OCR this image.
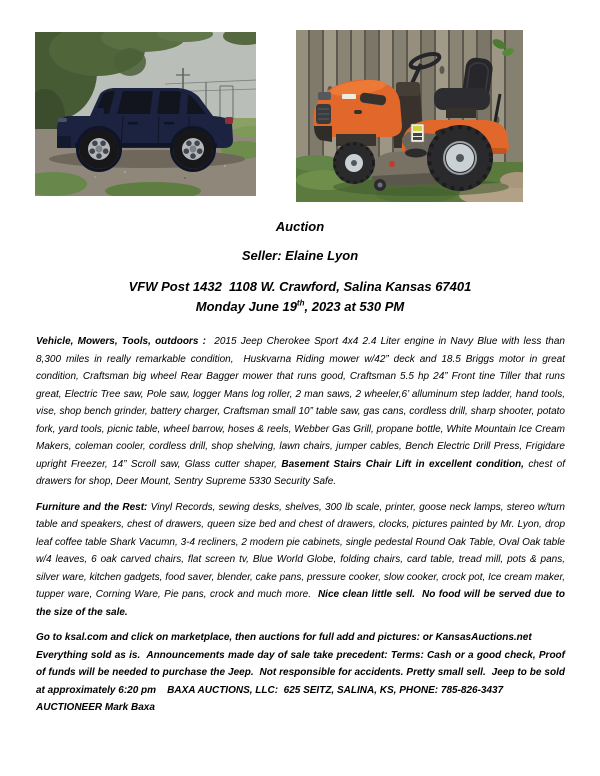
Auction
Seller: Elaine Lyon
VFW Post 1432  1108 W. Crawford, Salina Kansas 67401
Monday June 19th, 2023 at 530 PM

Vehicle, Mowers, Tools, outdoors :  2015 Jeep Cherokee Sport 4x4 2.4 Liter engine in Navy Blue with less than 8,300 miles in really remarkable condition,  Huskvarna Riding mower w/42” deck and 18.5 Briggs motor in great condition, Craftsman big wheel Rear Bagger mower that runs good, Craftsman 5.5 hp 24” Front tine Tiller that runs great, Electric Tree saw, Pole saw, logger Mans log roller, 2 man saws, 2 wheeler,6’ alluminum step ladder, hand tools, vise, shop bench grinder, battery charger, Craftsman small 10” table saw, gas cans, cordless drill, sharp shooter, potato fork, yard tools, picnic table, wheel barrow, hoses & reels, Webber Gas Grill, propane bottle, White Mountain Ice Cream Makers, coleman cooler, cordless drill, shop shelving, lawn chairs, jumper cables, Bench Electric Drill Press, Frigidare upright Freezer, 14” Scroll saw, Glass cutter shaper, Basement Stairs Chair Lift in excellent condition, chest of drawers for shop, Deer Mount, Sentry Supreme 5330 Security Safe.

Furniture and the Rest: Vinyl Records, sewing desks, shelves, 300 lb scale, printer, goose neck lamps, stereo w/turn table and speakers, chest of drawers, queen size bed and chest of drawers, clocks, pictures painted by Mr. Lyon, drop leaf coffee table Shark Vacumn, 3-4 recliners, 2 modern pie cabinets, single pedestal Round Oak Table, Oval Oak table w/4 leaves, 6 oak carved chairs, flat screen tv, Blue World Globe, folding chairs, card table, tread mill, pots & pans, silver ware, kitchen gadgets, food saver, blender, cake pans, pressure cooker, slow cooker, crock pot, Ice cream maker, tupper ware, Corning Ware, Pie pans, crock and much more.  Nice clean little sell.  No food will be served due to the size of the sale.

Go to ksal.com and click on marketplace, then auctions for full add and pictures: or KansasAuctions.net
Everything sold as is.  Announcements made day of sale take precedent: Terms: Cash or a good check, Proof of funds will be needed to purchase the Jeep.  Not responsible for accidents. Pretty small sell.  Jeep to be sold at approximately 6:20 pm    BAXA AUCTIONS, LLC:  625 SEITZ, SALINA, KS, PHONE: 785-826-3437
AUCTIONEER Mark Baxa
